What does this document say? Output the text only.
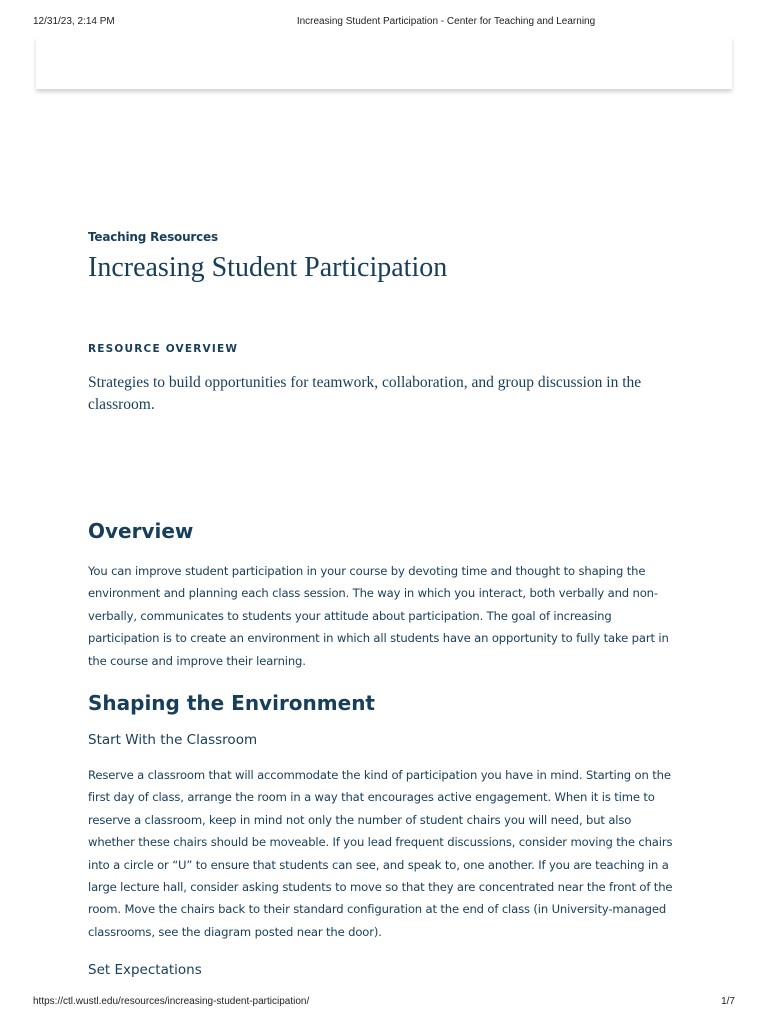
12/31/23, 2:14 PM	Increasing Student Participation - Center for Teaching and Learning
Teaching Resources
Increasing Student Participation
RESOURCE OVERVIEW

Strategies to build opportunities for teamwork, collaboration, and group discussion in the classroom.

Overview

You can improve student participation in your course by devoting time and thought to shaping the environment and planning each class session. The way in which you interact, both verbally and non-verbally, communicates to students your attitude about participation. The goal of increasing participation is to create an environment in which all students have an opportunity to fully take part in the course and improve their learning.

Shaping the Environment
Start With the Classroom

Reserve a classroom that will accommodate the kind of participation you have in mind. Starting on the first day of class, arrange the room in a way that encourages active engagement. When it is time to reserve a classroom, keep in mind not only the number of student chairs you will need, but also whether these chairs should be moveable. If you lead frequent discussions, consider moving the chairs into a circle or “U” to ensure that students can see, and speak to, one another. If you are teaching in a large lecture hall, consider asking students to move so that they are concentrated near the front of the room. Move the chairs back to their standard configuration at the end of class (in University-managed classrooms, see the diagram posted near the door).

Set Expectations
https://ctl.wustl.edu/resources/increasing-student-participation/	1/7
